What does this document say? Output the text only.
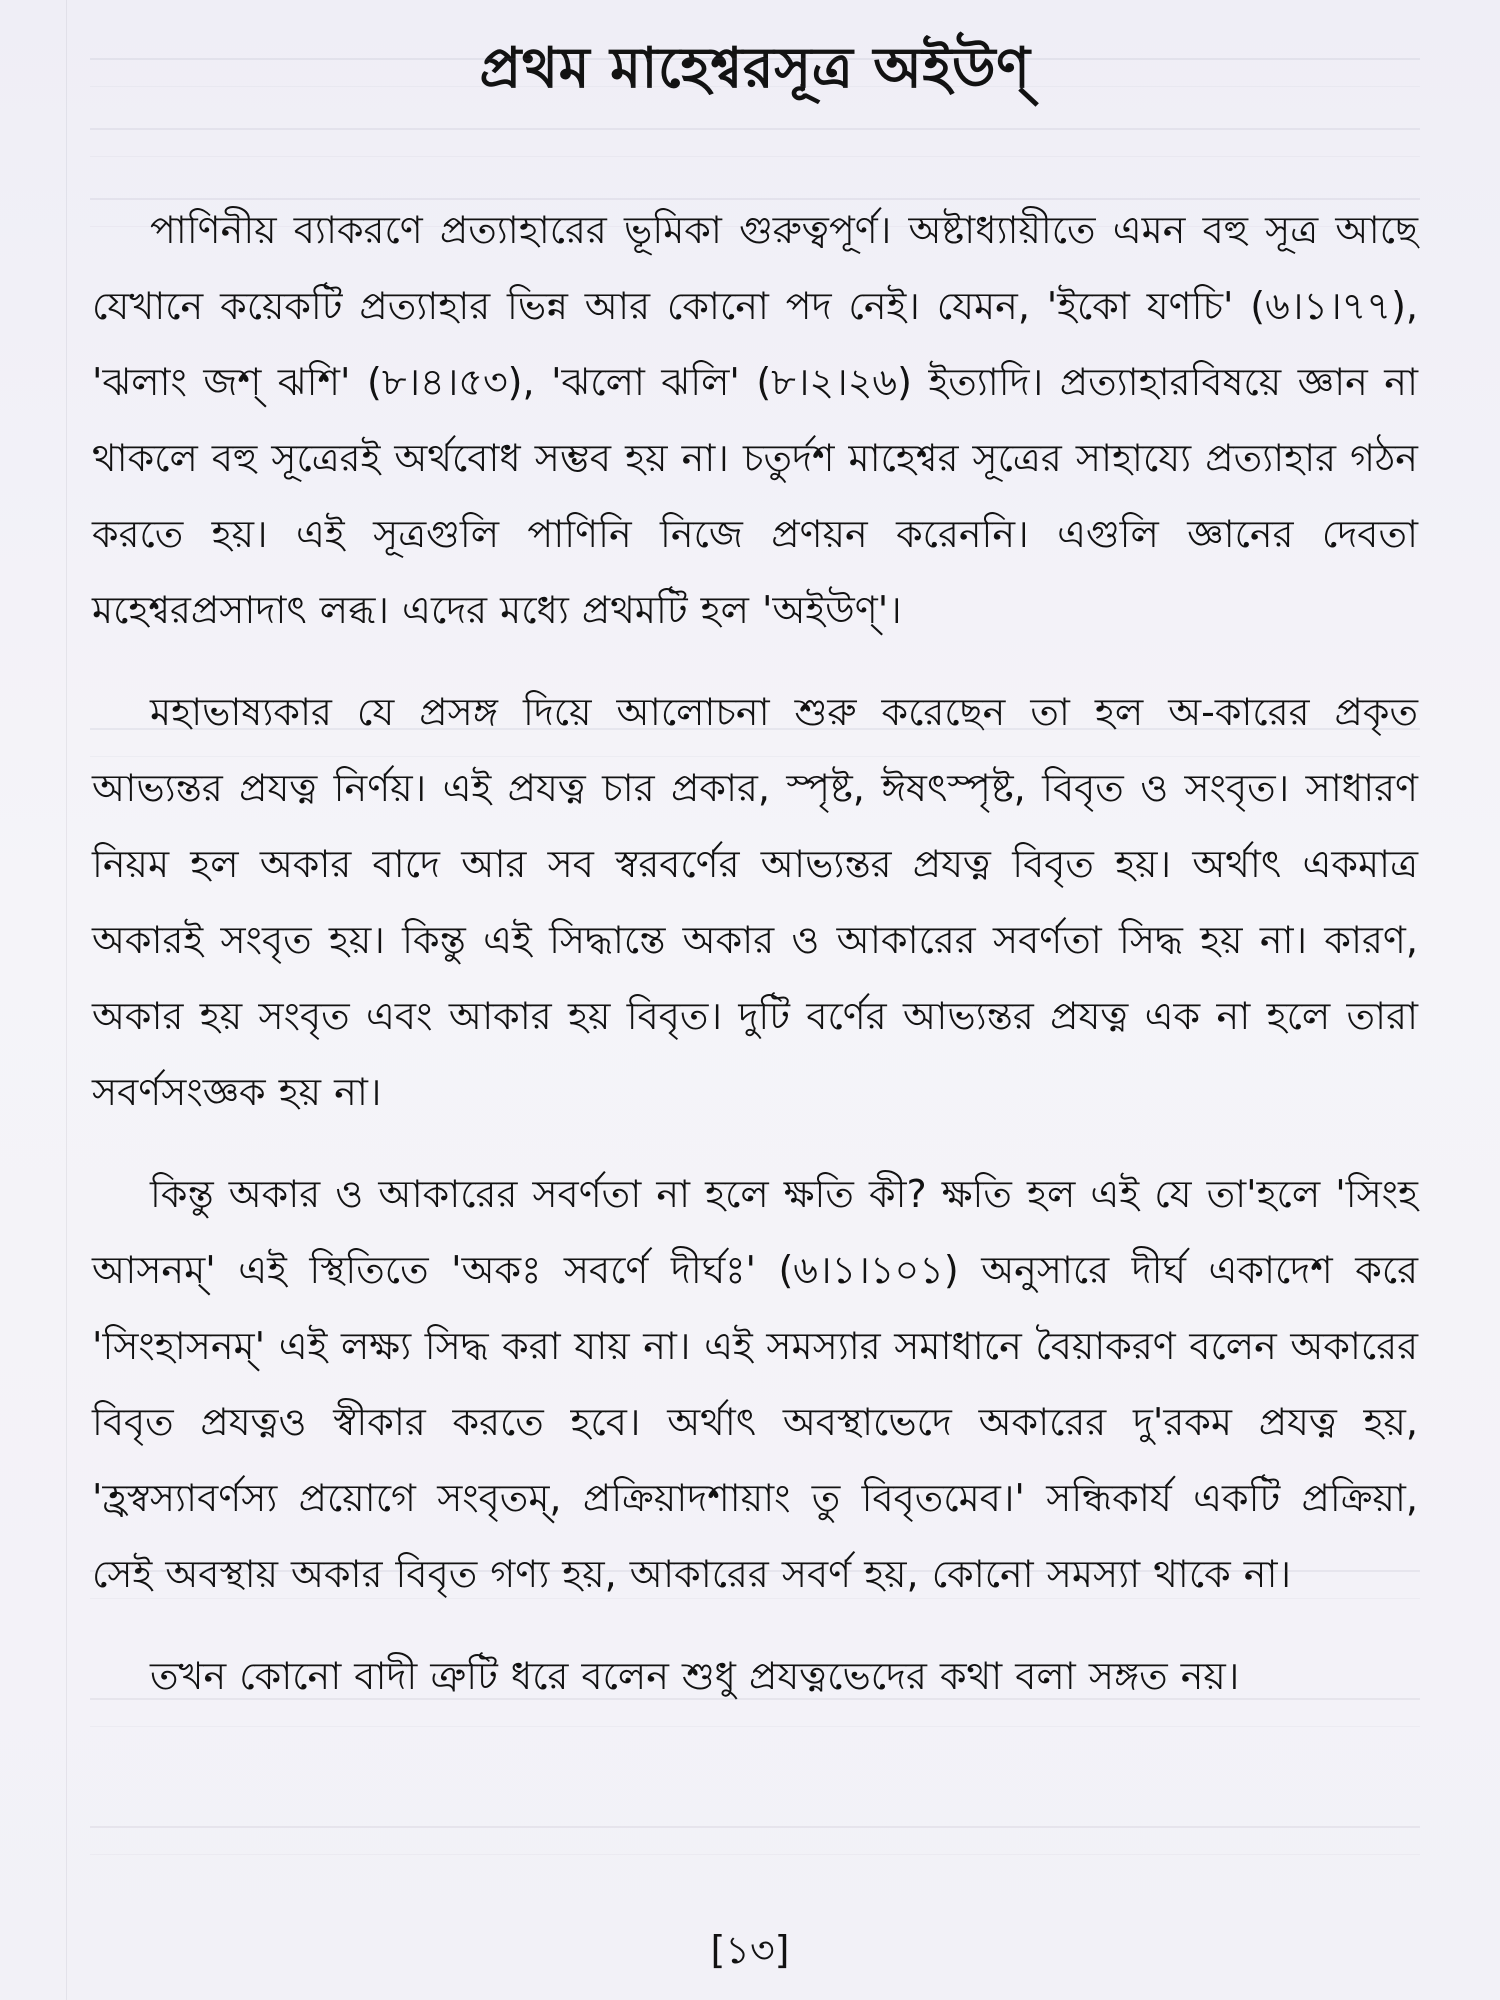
প্রথম মাহেশ্বরসূত্র অইউণ্

পাণিনীয় ব্যাকরণে প্রত্যাহারের ভূমিকা গুরুত্বপূর্ণ। অষ্টাধ্যায়ীতে এমন বহু সূত্র আছে যেখানে কয়েকটি প্রত্যাহার ভিন্ন আর কোনো পদ নেই। যেমন, 'ইকো যণচি' (৬।১।৭৭), 'ঝলাং জশ্ ঝশি' (৮।৪।৫৩), 'ঝলো ঝলি' (৮।২।২৬) ইত্যাদি। প্রত্যাহারবিষয়ে জ্ঞান না থাকলে বহু সূত্রেরই অর্থবোধ সম্ভব হয় না। চতুর্দশ মাহেশ্বর সূত্রের সাহায্যে প্রত্যাহার গঠন করতে হয়। এই সূত্রগুলি পাণিনি নিজে প্রণয়ন করেননি। এগুলি জ্ঞানের দেবতা মহেশ্বরপ্রসাদাৎ লব্ধ। এদের মধ্যে প্রথমটি হল 'অইউণ্'।

মহাভাষ্যকার যে প্রসঙ্গ দিয়ে আলোচনা শুরু করেছেন তা হল অ-কারের প্রকৃত আভ্যন্তর প্রযত্ন নির্ণয়। এই প্রযত্ন চার প্রকার, স্পৃষ্ট, ঈষৎস্পৃষ্ট, বিবৃত ও সংবৃত। সাধারণ নিয়ম হল অকার বাদে আর সব স্বরবর্ণের আভ্যন্তর প্রযত্ন বিবৃত হয়। অর্থাৎ একমাত্র অকারই সংবৃত হয়। কিন্তু এই সিদ্ধান্তে অকার ও আকারের সবর্ণতা সিদ্ধ হয় না। কারণ, অকার হয় সংবৃত এবং আকার হয় বিবৃত। দুটি বর্ণের আভ্যন্তর প্রযত্ন এক না হলে তারা সবর্ণসংজ্ঞক হয় না।

কিন্তু অকার ও আকারের সবর্ণতা না হলে ক্ষতি কী? ক্ষতি হল এই যে তা'হলে 'সিংহ আসনম্' এই স্থিতিতে 'অকঃ সবর্ণে দীর্ঘঃ' (৬।১।১০১) অনুসারে দীর্ঘ একাদেশ করে 'সিংহাসনম্' এই লক্ষ্য সিদ্ধ করা যায় না। এই সমস্যার সমাধানে বৈয়াকরণ বলেন অকারের বিবৃত প্রযত্নও স্বীকার করতে হবে। অর্থাৎ অবস্থাভেদে অকারের দু'রকম প্রযত্ন হয়, 'হ্রস্বস্যাবর্ণস্য প্রয়োগে সংবৃতম্, প্রক্রিয়াদশায়াং তু বিবৃতমেব।' সন্ধিকার্য একটি প্রক্রিয়া, সেই অবস্থায় অকার বিবৃত গণ্য হয়, আকারের সবর্ণ হয়, কোনো সমস্যা থাকে না।

তখন কোনো বাদী ত্রুটি ধরে বলেন শুধু প্রযত্নভেদের কথা বলা সঙ্গত নয়।

[১৩]
